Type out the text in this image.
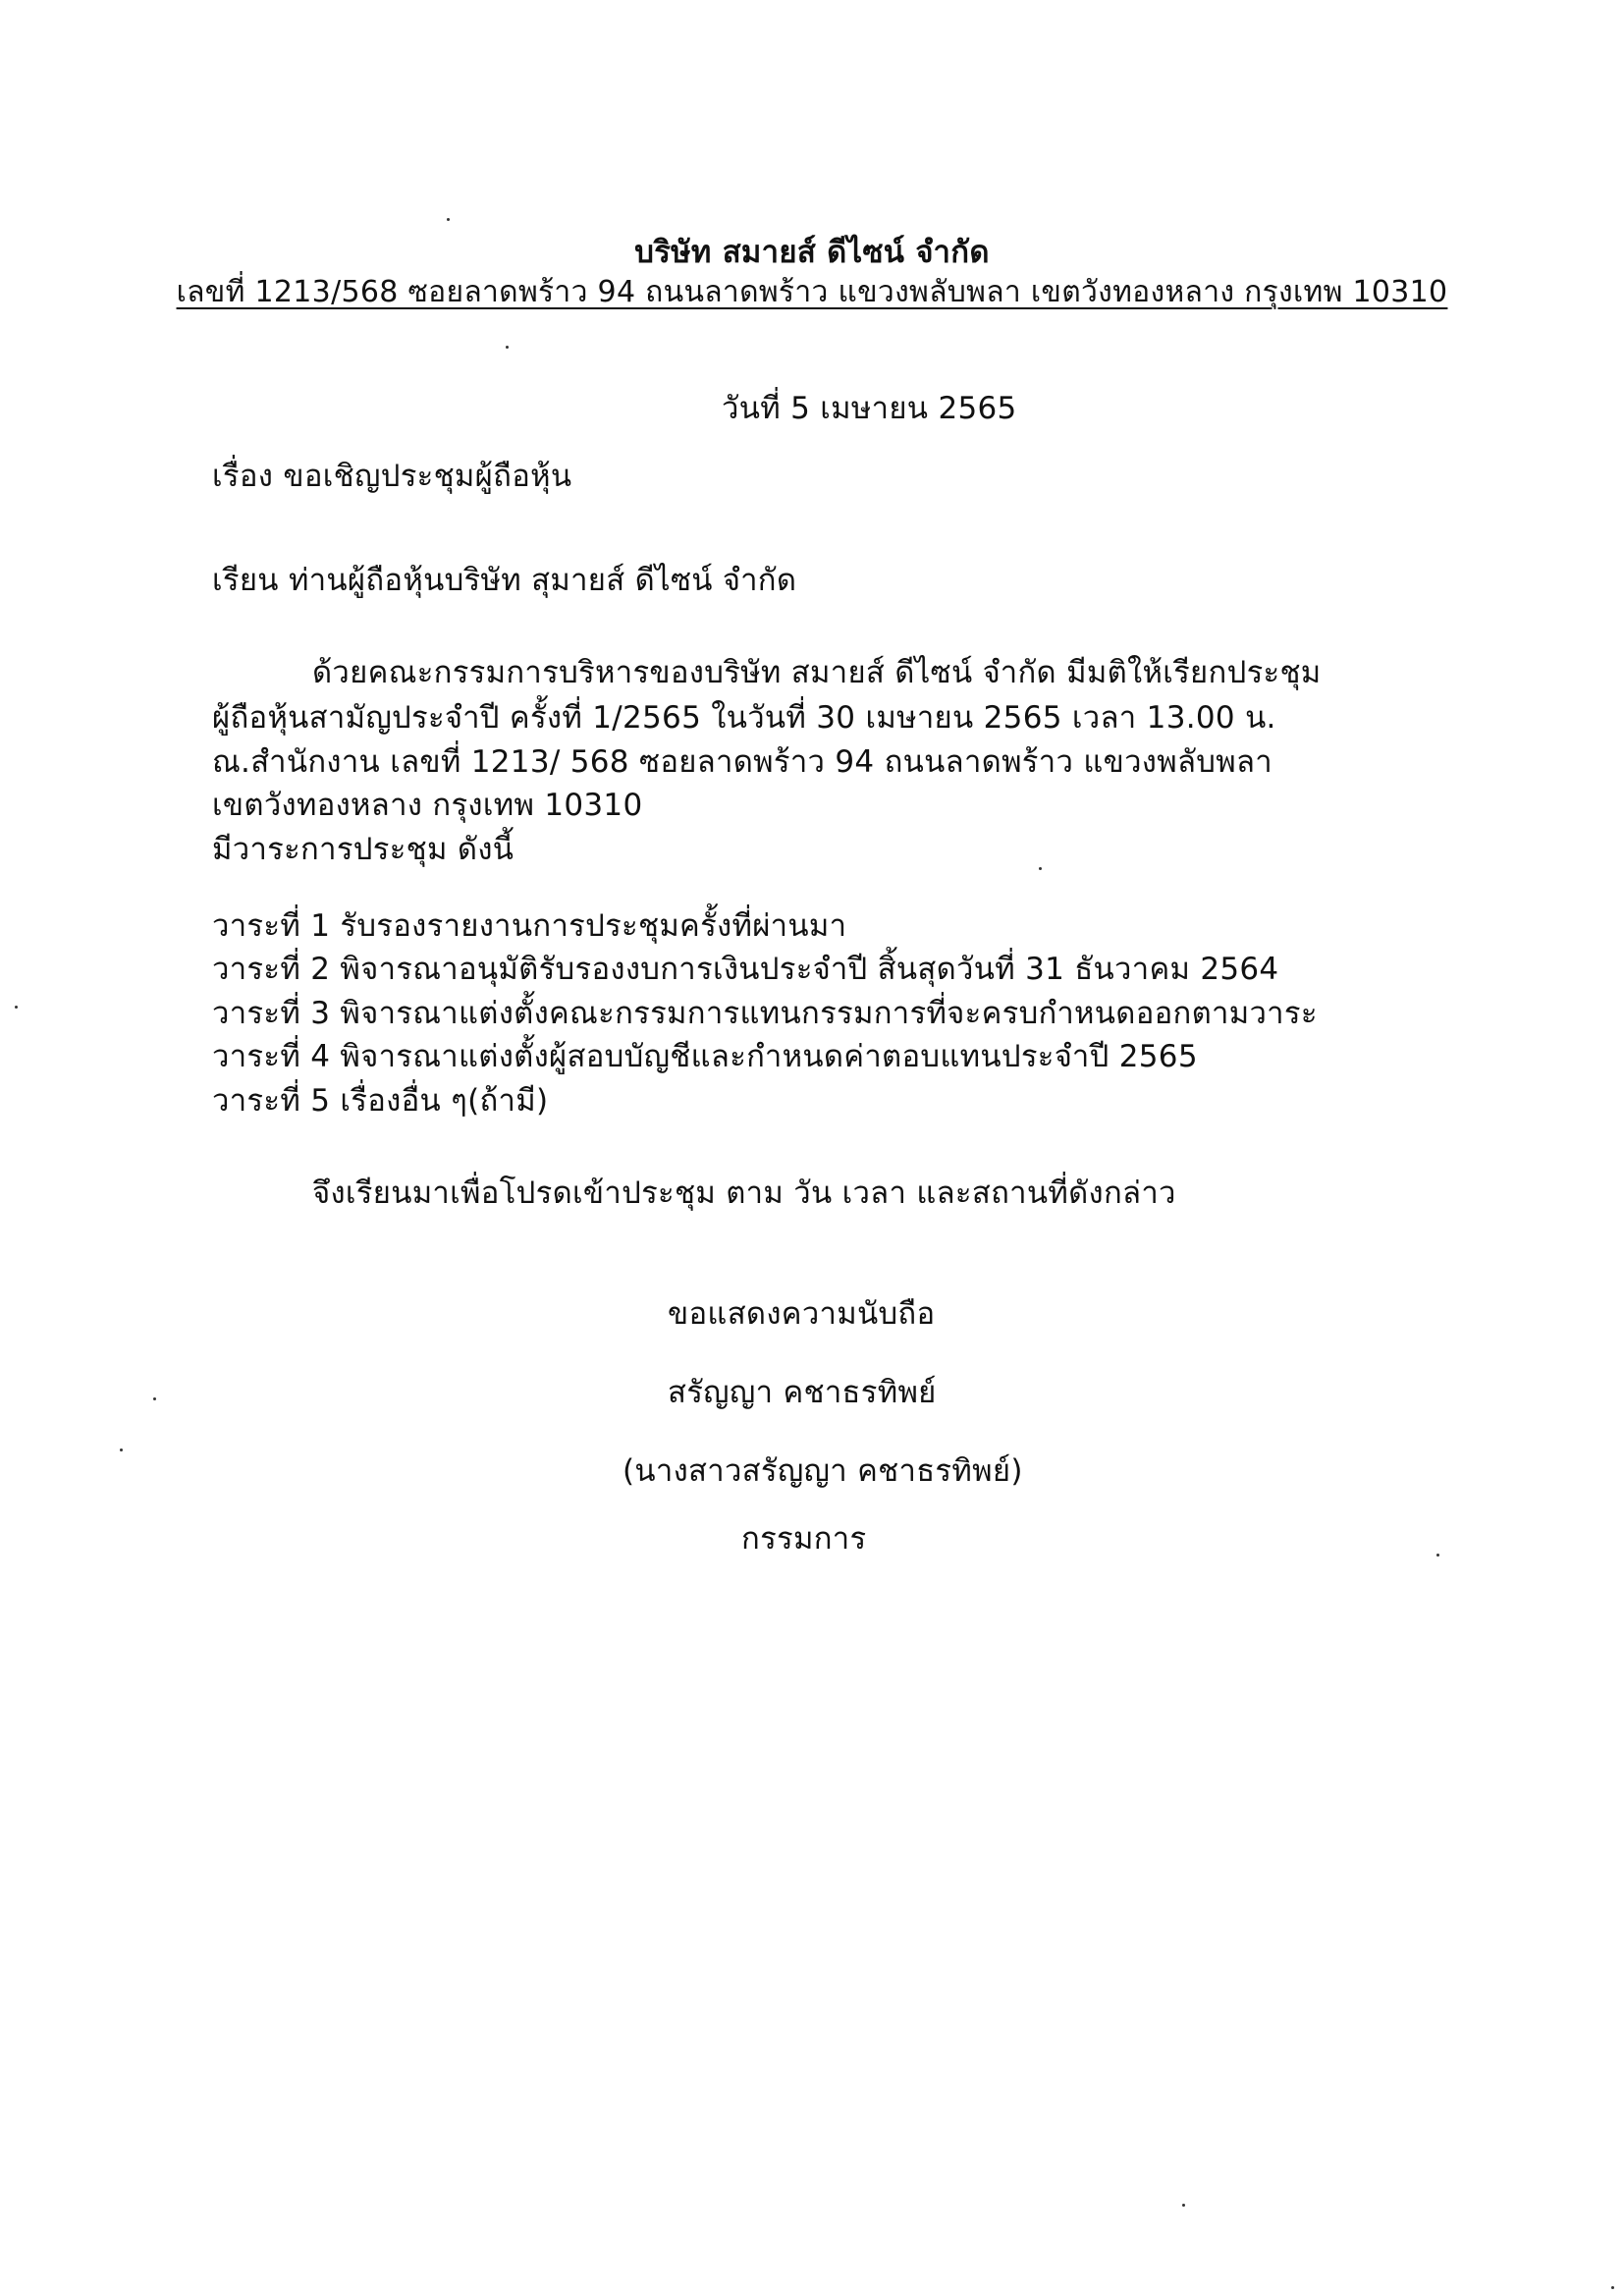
บริษัท สมายส์ ดีไซน์ จำกัด
เลขที่ 1213/568 ซอยลาดพร้าว 94 ถนนลาดพร้าว แขวงพลับพลา เขตวังทองหลาง กรุงเทพ 10310
วันที่ 5 เมษายน 2565
เรื่อง ขอเชิญประชุมผู้ถือหุ้น
เรียน ท่านผู้ถือหุ้นบริษัท สุมายส์ ดีไซน์ จำกัด
ด้วยคณะกรรมการบริหารของบริษัท สมายส์ ดีไซน์ จำกัด มีมติให้เรียกประชุม
ผู้ถือหุ้นสามัญประจำปี ครั้งที่ 1/2565 ในวันที่ 30 เมษายน 2565 เวลา 13.00 น.
ณ.สำนักงาน เลขที่ 1213/ 568 ซอยลาดพร้าว 94 ถนนลาดพร้าว แขวงพลับพลา
เขตวังทองหลาง กรุงเทพ 10310
มีวาระการประชุม ดังนี้
วาระที่ 1 รับรองรายงานการประชุมครั้งที่ผ่านมา
วาระที่ 2 พิจารณาอนุมัติรับรองงบการเงินประจำปี สิ้นสุดวันที่ 31 ธันวาคม 2564
วาระที่ 3 พิจารณาแต่งตั้งคณะกรรมการแทนกรรมการที่จะครบกำหนดออกตามวาระ
วาระที่ 4 พิจารณาแต่งตั้งผู้สอบบัญชีและกำหนดค่าตอบแทนประจำปี 2565
วาระที่ 5 เรื่องอื่น ๆ(ถ้ามี)
จึงเรียนมาเพื่อโปรดเข้าประชุม ตาม วัน เวลา และสถานที่ดังกล่าว
ขอแสดงความนับถือ
สรัญญา คชาธรทิพย์
(นางสาวสรัญญา คชาธรทิพย์)
กรรมการ
